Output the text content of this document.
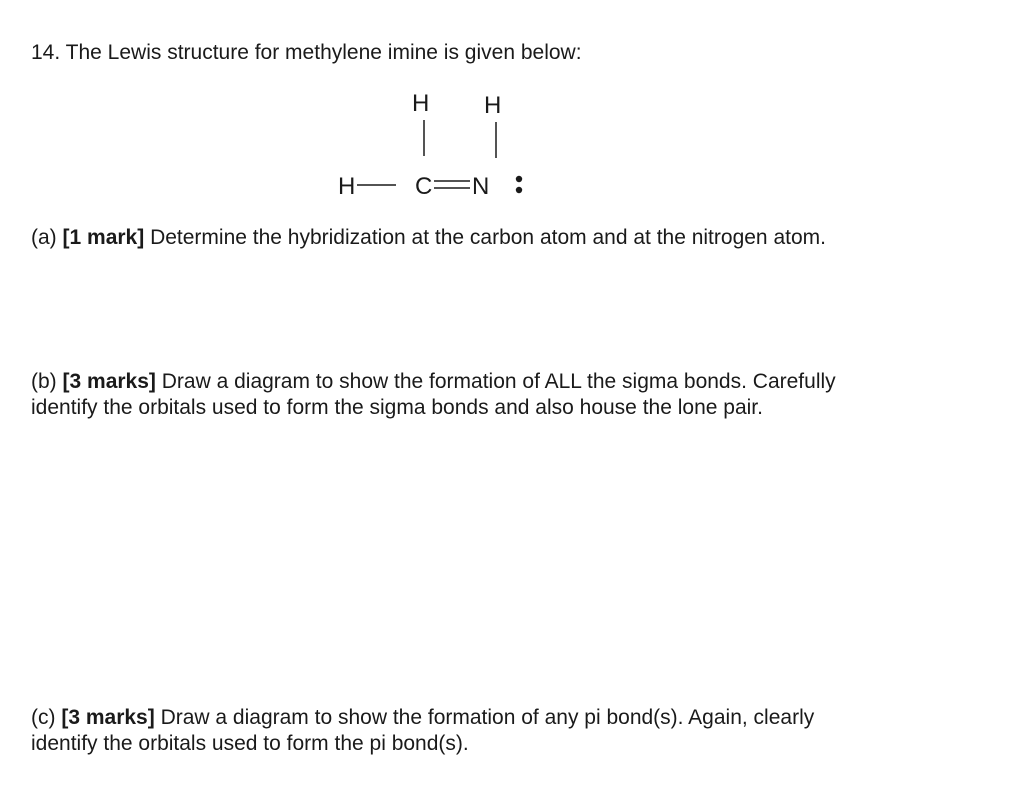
14. The Lewis structure for methylene imine is given below:
H H
H C N
(a) [1 mark] Determine the hybridization at the carbon atom and at the nitrogen atom.
(b) [3 marks] Draw a diagram to show the formation of ALL the sigma bonds. Carefully
identify the orbitals used to form the sigma bonds and also house the lone pair.
(c) [3 marks] Draw a diagram to show the formation of any pi bond(s). Again, clearly
identify the orbitals used to form the pi bond(s).
